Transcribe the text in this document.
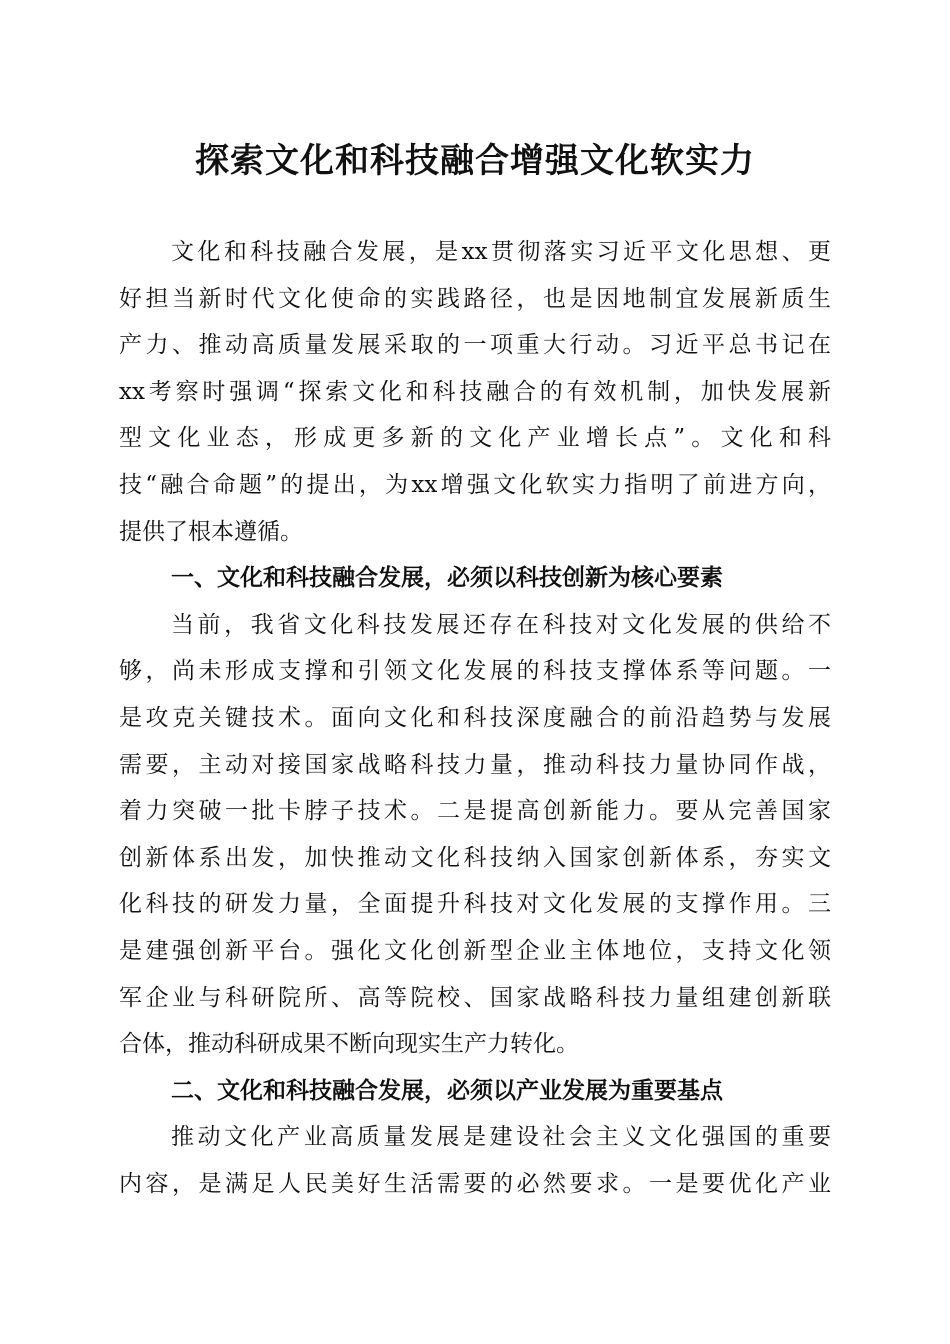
探索文化和科技融合增强文化软实力
文化和科技融合发展，是xx贯彻落实习近平文化思想、更
好担当新时代文化使命的实践路径，也是因地制宜发展新质生
产力、推动高质量发展采取的一项重大行动。习近平总书记在
xx考察时强调“探索文化和科技融合的有效机制，加快发展新
型文化业态，形成更多新的文化产业增长点”。文化和科
技“融合命题”的提出，为xx增强文化软实力指明了前进方向，
提供了根本遵循。
一、文化和科技融合发展，必须以科技创新为核心要素
当前，我省文化科技发展还存在科技对文化发展的供给不
够，尚未形成支撑和引领文化发展的科技支撑体系等问题。一
是攻克关键技术。面向文化和科技深度融合的前沿趋势与发展
需要，主动对接国家战略科技力量，推动科技力量协同作战，
着力突破一批卡脖子技术。二是提高创新能力。要从完善国家
创新体系出发，加快推动文化科技纳入国家创新体系，夯实文
化科技的研发力量，全面提升科技对文化发展的支撑作用。三
是建强创新平台。强化文化创新型企业主体地位，支持文化领
军企业与科研院所、高等院校、国家战略科技力量组建创新联
合体，推动科研成果不断向现实生产力转化。
二、文化和科技融合发展，必须以产业发展为重要基点
推动文化产业高质量发展是建设社会主义文化强国的重要
内容，是满足人民美好生活需要的必然要求。一是要优化产业
